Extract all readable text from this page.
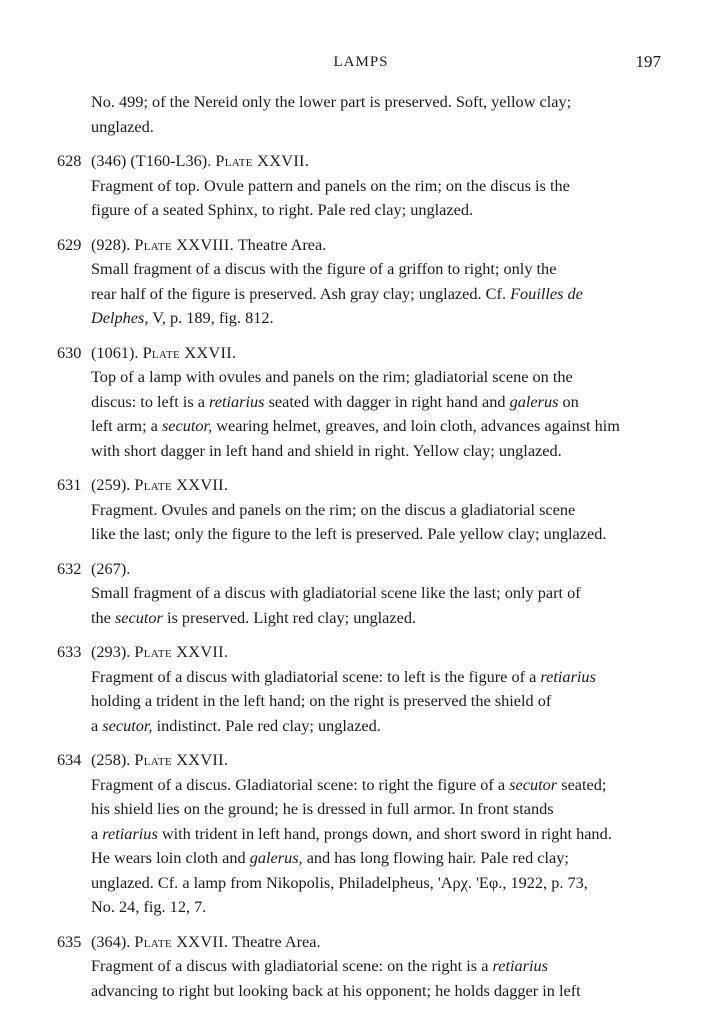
LAMPS	197
No. 499; of the Nereid only the lower part is preserved. Soft, yellow clay;
unglazed.
628 (346) (T160-L36). Plate XXVII.
Fragment of top. Ovule pattern and panels on the rim; on the discus is the
figure of a seated Sphinx, to right. Pale red clay; unglazed.
629 (928). Plate XXVIII. Theatre Area.
Small fragment of a discus with the figure of a griffon to right; only the
rear half of the figure is preserved. Ash gray clay; unglazed. Cf. Fouilles de
Delphes, V, p. 189, fig. 812.
630 (1061). Plate XXVII.
Top of a lamp with ovules and panels on the rim; gladiatorial scene on the
discus: to left is a retiarius seated with dagger in right hand and galerus on
left arm; a secutor, wearing helmet, greaves, and loin cloth, advances against him
with short dagger in left hand and shield in right. Yellow clay; unglazed.
631 (259). Plate XXVII.
Fragment. Ovules and panels on the rim; on the discus a gladiatorial scene
like the last; only the figure to the left is preserved. Pale yellow clay; unglazed.
632 (267).
Small fragment of a discus with gladiatorial scene like the last; only part of
the secutor is preserved. Light red clay; unglazed.
633 (293). Plate XXVII.
Fragment of a discus with gladiatorial scene: to left is the figure of a retiarius
holding a trident in the left hand; on the right is preserved the shield of
a secutor, indistinct. Pale red clay; unglazed.
634 (258). Plate XXVII.
Fragment of a discus. Gladiatorial scene: to right the figure of a secutor seated;
his shield lies on the ground; he is dressed in full armor. In front stands
a retiarius with trident in left hand, prongs down, and short sword in right hand.
He wears loin cloth and galerus, and has long flowing hair. Pale red clay;
unglazed. Cf. a lamp from Nikopolis, Philadelpheus, 'Αρχ. 'Εφ., 1922, p. 73,
No. 24, fig. 12, 7.
635 (364). Plate XXVII. Theatre Area.
Fragment of a discus with gladiatorial scene: on the right is a retiarius
advancing to right but looking back at his opponent; he holds dagger in left
